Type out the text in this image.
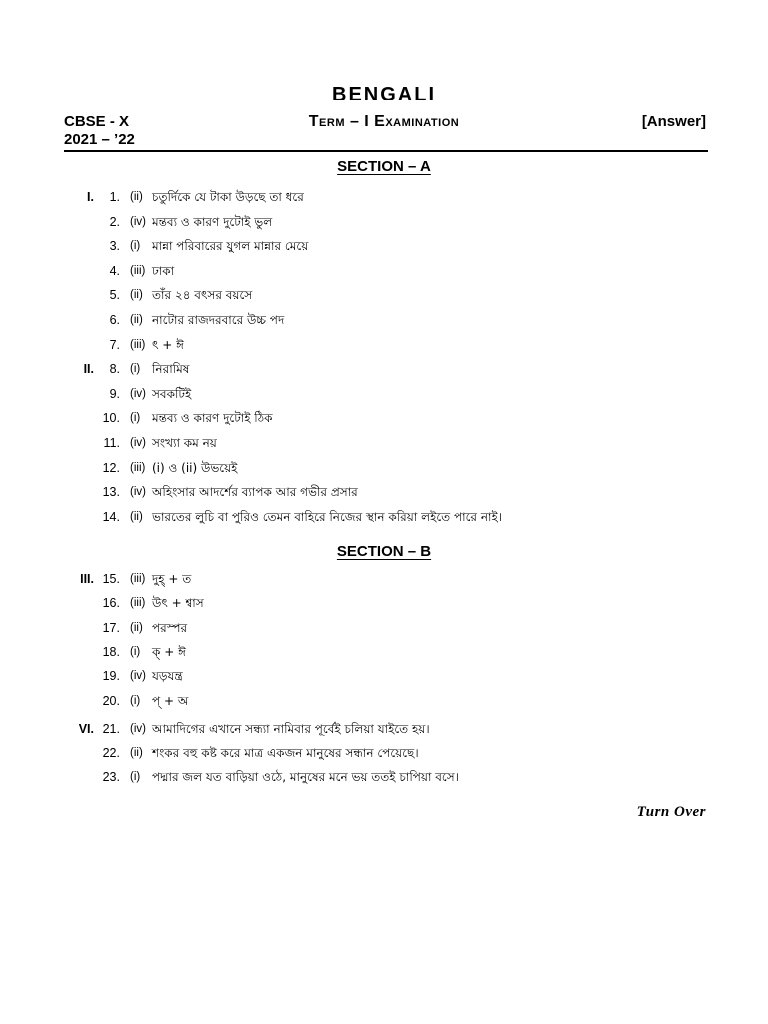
BENGALI
CBSE - X
2021 – ’22
Term – I Examination	[Answer]
SECTION – A
I.	1. (ii) চতুর্দিকে যে টাকা উড়ছে তা ধরে
2. (iv) মন্তব্য ও কারণ দুটোই ভুল
3. (i) মান্না পরিবারের যুগল মান্নার মেয়ে
4. (iii) ঢাকা
5. (ii) তাঁর ২৪ বৎসর বয়সে
6. (ii) নাটোর রাজদরবারে উচ্চ পদ
7. (iii) ৎ + ঈ
II.	8. (i) নিরামিষ
9. (iv) সবকটিই
10. (i) মন্তব্য ও কারণ দুটোই ঠিক
11. (iv) সংখ্যা কম নয়
12. (iii) (i) ও (ii) উভয়েই
13. (iv) অহিংসার আদর্শের ব্যাপক আর গভীর প্রসার
14. (ii) ভারতের লুচি বা পুরিও তেমন বাহিরে নিজের স্থান করিয়া লইতে পারে নাই।
SECTION – B
III. 15. (iii) দুহ্ + ত
16. (iii) উৎ + শ্বাস
17. (ii) পরস্পর
18. (i) ক্ + ঈ
19. (iv) যড়যন্ত্র
20. (i) প্ + অ
VI. 21. (iv) আমাদিগের এখানে সন্ধ্যা নামিবার পূর্বেই চলিয়া যাইতে হয়।
22. (ii) শংকর বহু কষ্ট করে মাত্র একজন মানুষের সন্ধান পেয়েছে।
23. (i) পদ্মার জল যত বাড়িয়া ওঠে, মানুষের মনে ভয় ততই চাপিয়া বসে।
Turn Over
